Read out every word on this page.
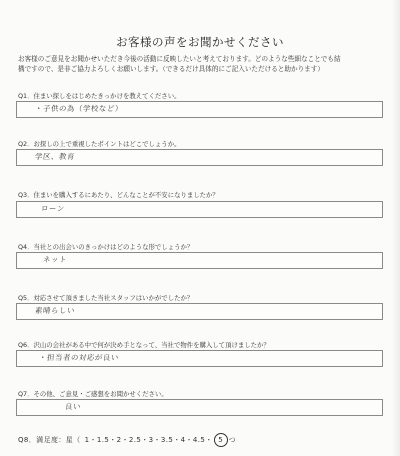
お客様の声をお聞かせください
お客様のご意見をお聞かせいただき今後の活動に反映したいと考えております。どのような些細なことでも結
構ですので、是非ご協力よろしくお願いします。（できるだけ具体的にご記入いただけると助かります）
Q1．住まい探しをはじめたきっかけを教えてください。
・子供の為（学校など）
Q2．お探しの上で重視したポイントはどこでしょうか。
学区、教育
Q3．住まいを購入するにあたり、どんなことが不安になりましたか？
ローン
Q4．当社との出会いのきっかけはどのような形でしょうか？
ネット
Q5．対応させて頂きました当社スタッフはいかがでしたか？
素晴らしい
Q6．沢山の会社がある中で何が決め手となって、当社で物件を購入して頂けましたか？
・担当者の対応が良い
Q7．その他、ご意見・ご感想をお聞かせください。
良い
Q8．満足度：星（ 1・1.5・2・2.5・3・3.5・4・4.5・ 5 つ
